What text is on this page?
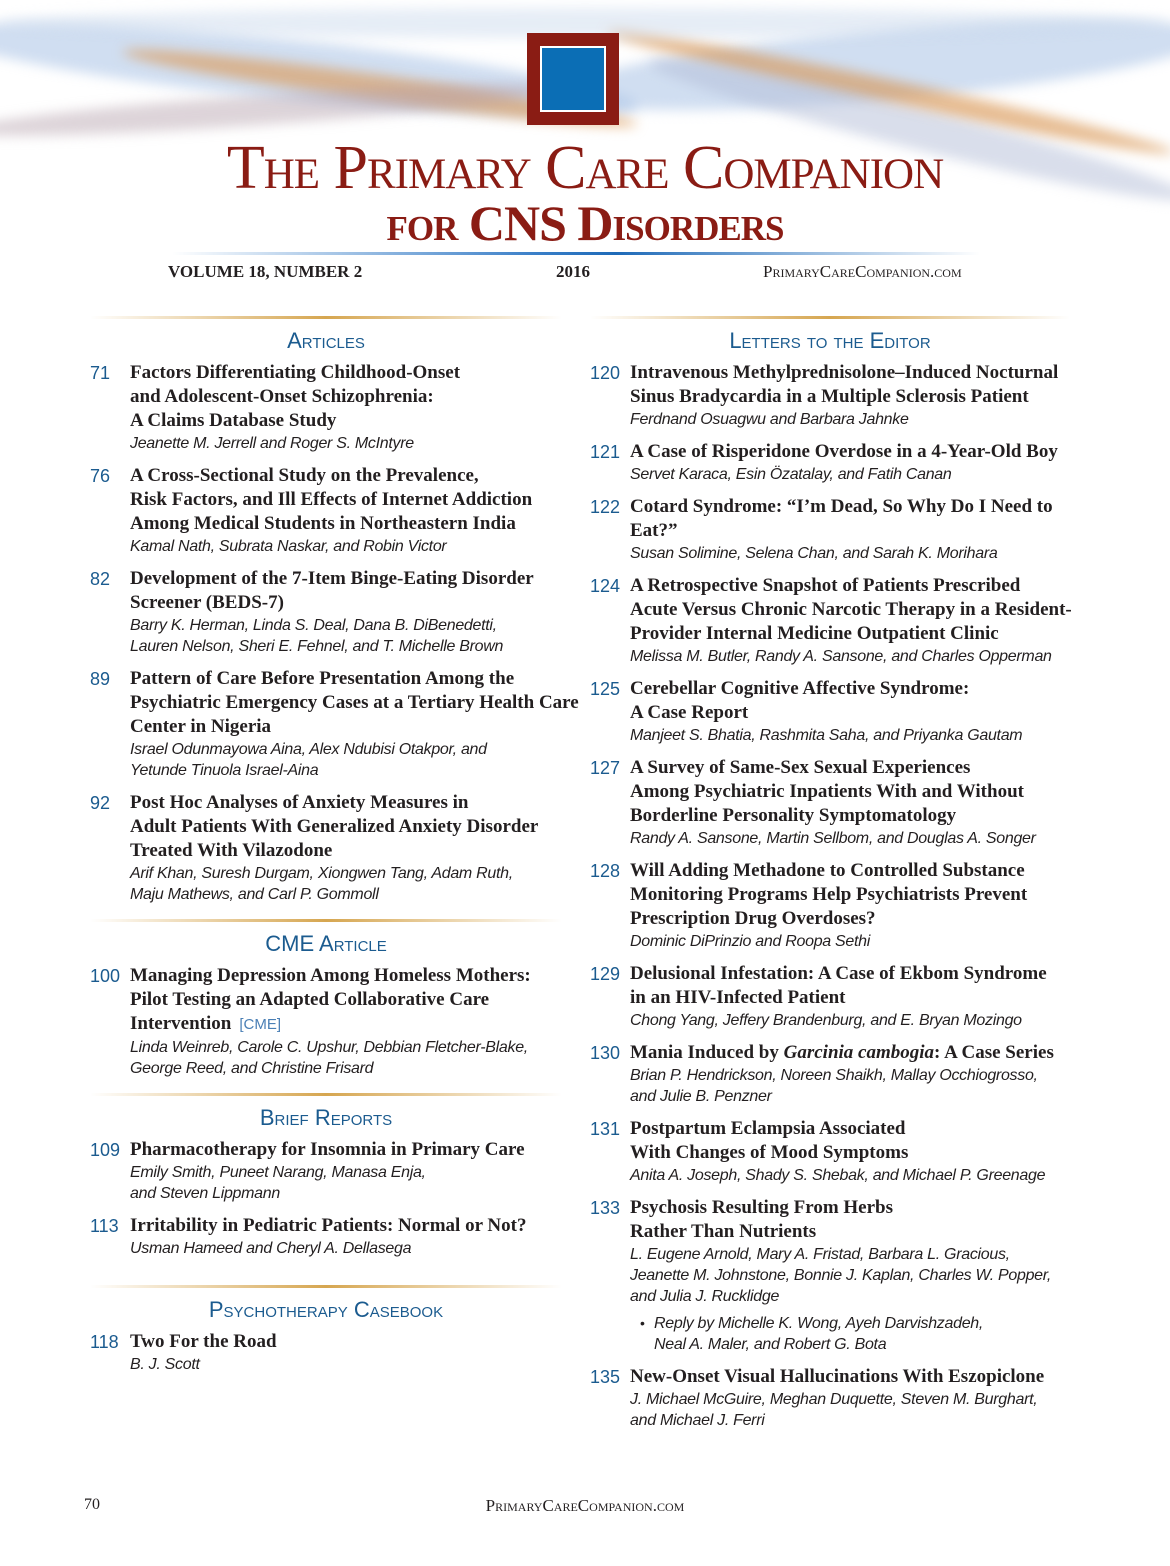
The Primary Care Companion
for CNS Disorders
VOLUME 18, NUMBER 2	2016	PrimaryCareCompanion.com
Articles
71	Factors Differentiating Childhood-Onset
and Adolescent-Onset Schizophrenia:
A Claims Database Study
Jeanette M. Jerrell and Roger S. McIntyre
76	A Cross-Sectional Study on the Prevalence,
Risk Factors, and Ill Effects of Internet Addiction
Among Medical Students in Northeastern India
Kamal Nath, Subrata Naskar, and Robin Victor
82	Development of the 7-Item Binge-Eating Disorder
Screener (BEDS-7)
Barry K. Herman, Linda S. Deal, Dana B. DiBenedetti,
Lauren Nelson, Sheri E. Fehnel, and T. Michelle Brown
89	Pattern of Care Before Presentation Among the
Psychiatric Emergency Cases at a Tertiary Health Care
Center in Nigeria
Israel Odunmayowa Aina, Alex Ndubisi Otakpor, and
Yetunde Tinuola Israel-Aina
92	Post Hoc Analyses of Anxiety Measures in
Adult Patients With Generalized Anxiety Disorder
Treated With Vilazodone
Arif Khan, Suresh Durgam, Xiongwen Tang, Adam Ruth,
Maju Mathews, and Carl P. Gommoll
CME Article
100 Managing Depression Among Homeless Mothers:
Pilot Testing an Adapted Collaborative Care
Intervention [CME]
Linda Weinreb, Carole C. Upshur, Debbian Fletcher-Blake,
George Reed, and Christine Frisard
Brief Reports
109 Pharmacotherapy for Insomnia in Primary Care
Emily Smith, Puneet Narang, Manasa Enja,
and Steven Lippmann
113 Irritability in Pediatric Patients: Normal or Not?
Usman Hameed and Cheryl A. Dellasega
Psychotherapy Casebook
118 Two For the Road
B. J. Scott
Letters to the Editor
120 Intravenous Methylprednisolone–Induced Nocturnal
Sinus Bradycardia in a Multiple Sclerosis Patient
Ferdnand Osuagwu and Barbara Jahnke
121 A Case of Risperidone Overdose in a 4-Year-Old Boy
Servet Karaca, Esin Özatalay, and Fatih Canan
122 Cotard Syndrome: “I’m Dead, So Why Do I Need to
Eat?”
Susan Solimine, Selena Chan, and Sarah K. Morihara
124 A Retrospective Snapshot of Patients Prescribed
Acute Versus Chronic Narcotic Therapy in a Resident-
Provider Internal Medicine Outpatient Clinic
Melissa M. Butler, Randy A. Sansone, and Charles Opperman
125 Cerebellar Cognitive Affective Syndrome:
A Case Report
Manjeet S. Bhatia, Rashmita Saha, and Priyanka Gautam
127 A Survey of Same-Sex Sexual Experiences
Among Psychiatric Inpatients With and Without
Borderline Personality Symptomatology
Randy A. Sansone, Martin Sellbom, and Douglas A. Songer
128 Will Adding Methadone to Controlled Substance
Monitoring Programs Help Psychiatrists Prevent
Prescription Drug Overdoses?
Dominic DiPrinzio and Roopa Sethi
129 Delusional Infestation: A Case of Ekbom Syndrome
in an HIV-Infected Patient
Chong Yang, Jeffery Brandenburg, and E. Bryan Mozingo
130 Mania Induced by Garcinia cambogia: A Case Series
Brian P. Hendrickson, Noreen Shaikh, Mallay Occhiogrosso,
and Julie B. Penzner
131 Postpartum Eclampsia Associated
With Changes of Mood Symptoms
Anita A. Joseph, Shady S. Shebak, and Michael P. Greenage
133 Psychosis Resulting From Herbs
Rather Than Nutrients
L. Eugene Arnold, Mary A. Fristad, Barbara L. Gracious,
Jeanette M. Johnstone, Bonnie J. Kaplan, Charles W. Popper,
and Julia J. Rucklidge
• Reply by Michelle K. Wong, Ayeh Darvishzadeh,
Neal A. Maler, and Robert G. Bota
135 New-Onset Visual Hallucinations With Eszopiclone
J. Michael McGuire, Meghan Duquette, Steven M. Burghart,
and Michael J. Ferri
70	PrimaryCareCompanion.com
